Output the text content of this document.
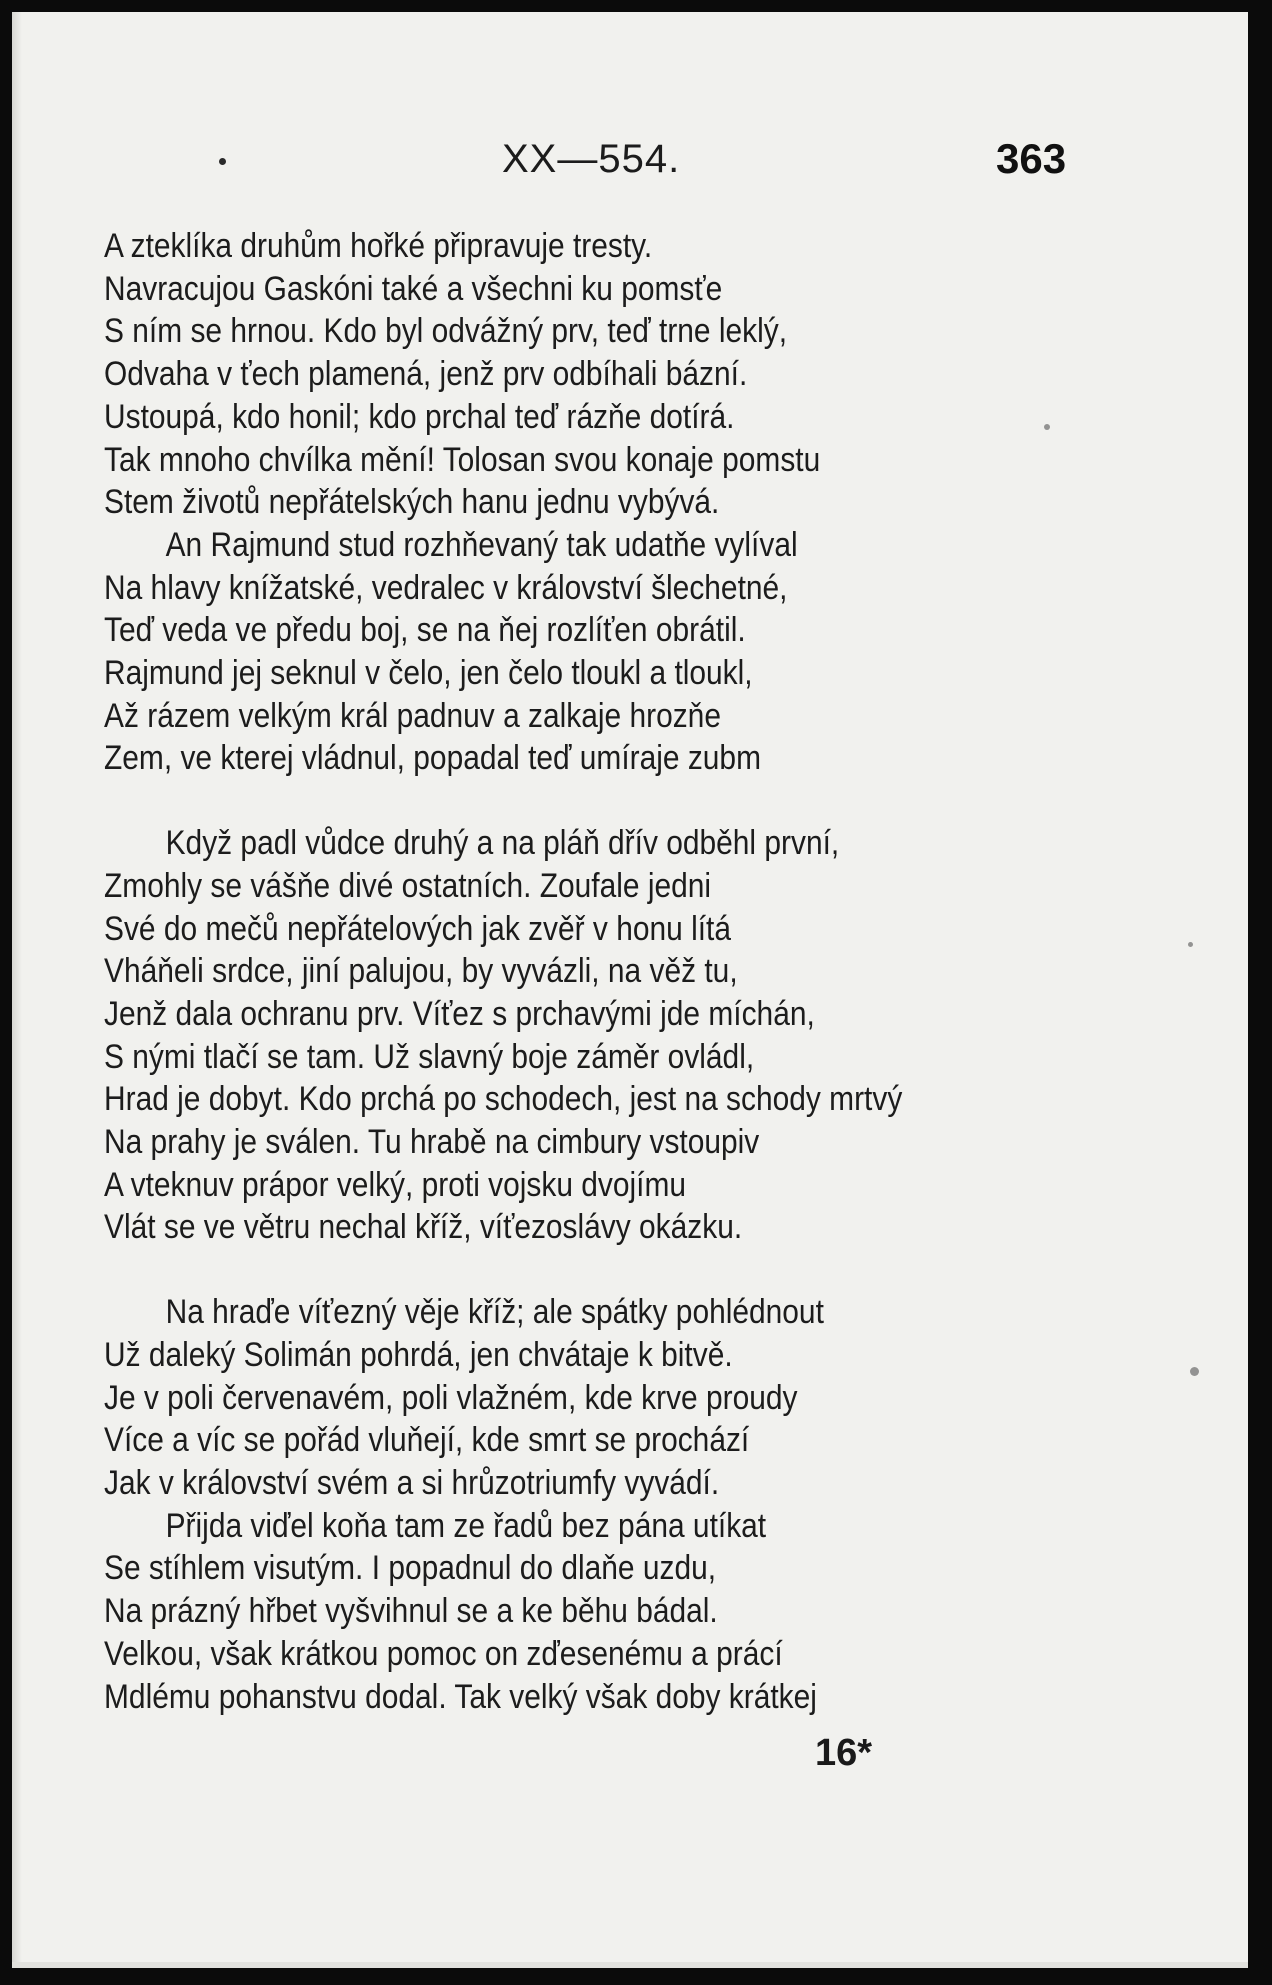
XX—554.	363
A zteklíka druhům hořké připravuje tresty.
Navracujou Gaskóni také a všechni ku pomsťe
S ním se hrnou. Kdo byl odvážný prv, teď trne leklý,
Odvaha v ťech plamená, jenž prv odbíhali bázní.
Ustoupá, kdo honil; kdo prchal teď rázňe dotírá.
Tak mnoho chvílka mění! Tolosan svou konaje pomstu
Stem životů nepřátelských hanu jednu vybývá.
An Rajmund stud rozhňevaný tak udatňe vylíval
Na hlavy knížatské, vedralec v království šlechetné,
Teď veda ve předu boj, se na ňej rozlíťen obrátil.
Rajmund jej seknul v čelo, jen čelo tloukl a tloukl,
Až rázem velkým král padnuv a zalkaje hrozňe
Zem, ve kterej vládnul, popadal teď umíraje zubm
Když padl vůdce druhý a na pláň dřív odběhl první,
Zmohly se vášňe divé ostatních. Zoufale jedni
Své do mečů nepřátelových jak zvěř v honu lítá
Vháňeli srdce, jiní palujou, by vyvázli, na věž tu,
Jenž dala ochranu prv. Víťez s prchavými jde míchán,
S nými tlačí se tam. Už slavný boje záměr ovládl,
Hrad je dobyt. Kdo prchá po schodech, jest na schody mrtvý
Na prahy je sválen. Tu hrabě na cimbury vstoupiv
A vteknuv prápor velký, proti vojsku dvojímu
Vlát se ve větru nechal kříž, víťezoslávy okázku.
Na hraďe víťezný věje kříž; ale spátky pohlédnout
Už daleký Solimán pohrdá, jen chvátaje k bitvě.
Je v poli červenavém, poli vlažném, kde krve proudy
Více a víc se pořád vluňejí, kde smrt se prochází
Jak v království svém a si hrůzotriumfy vyvádí.
Přijda viďel koňa tam ze řadů bez pána utíkat
Se stíhlem visutým. I popadnul do dlaňe uzdu,
Na prázný hřbet vyšvihnul se a ke běhu bádal.
Velkou, však krátkou pomoc on zďesenému a prácí
Mdlému pohanstvu dodal. Tak velký však doby krátkej
16*
